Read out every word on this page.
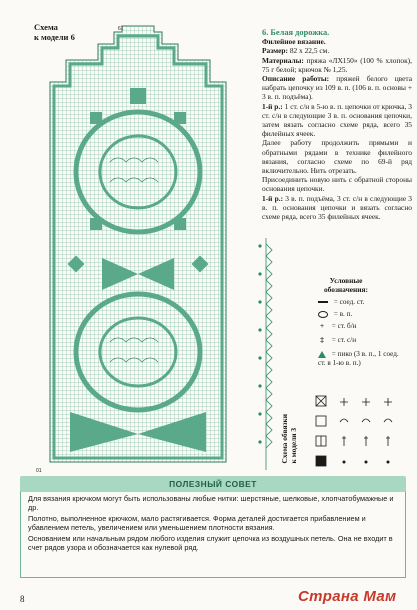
Схема
к модели 6
61
01
6. Белая дорожка.

Филейное вязание.

Размер: 82 х 22,5 см.

Материалы: пряжа «ЛХ150» (100 % хлопок), 75 г белой; крючок № 1,25.

Описание работы: пряжей белого цвета набрать цепочку из 109 в. п. (106 в. п. основы + 3 в. п. подъёма).

1-й р.: 1 ст. с/н в 5-ю в. п. цепочки от крючка, 3 ст. с/н в следующие 3 в. п. основания цепочки, затем вязать согласно схеме ряда, всего 35 филейных ячеек.

Далее работу продолжить прямыми и обратными рядами в технике филейного вязания, согласно схеме по 69-й ряд включительно. Нить отрезать.

Присоединить новую нить с обратной стороны основания цепочки.

1-й р.: 3 в. п. подъёма, 3 ст. с/н в следующие 3 в. п. основания цепочки и вязать согласно схеме ряда, всего 35 филейных ячеек.

Условные
обозначения:
= соед. ст.
= в. п.
+ = ст. б/н
‡ = ст. с/н
= пико (3 в. п., 1 соед. ст. в 1-ю в. п.)
Схема обвязки
к модели 3
ПОЛЕЗНЫЙ СОВЕТ

Для вязания крючком могут быть использованы любые нитки: шерстяные, шелковые, хлопчатобумажные и др.

Полотно, выполненное крючком, мало растягивается. Форма деталей достигается прибавлением и убавлением петель, увеличением или уменьшением плотности вязания.

Основанием или начальным рядом любого изделия служит цепочка из воздушных петель. Она не входит в счет рядов узора и обозначается как нулевой ряд.

8	Страна Мам
